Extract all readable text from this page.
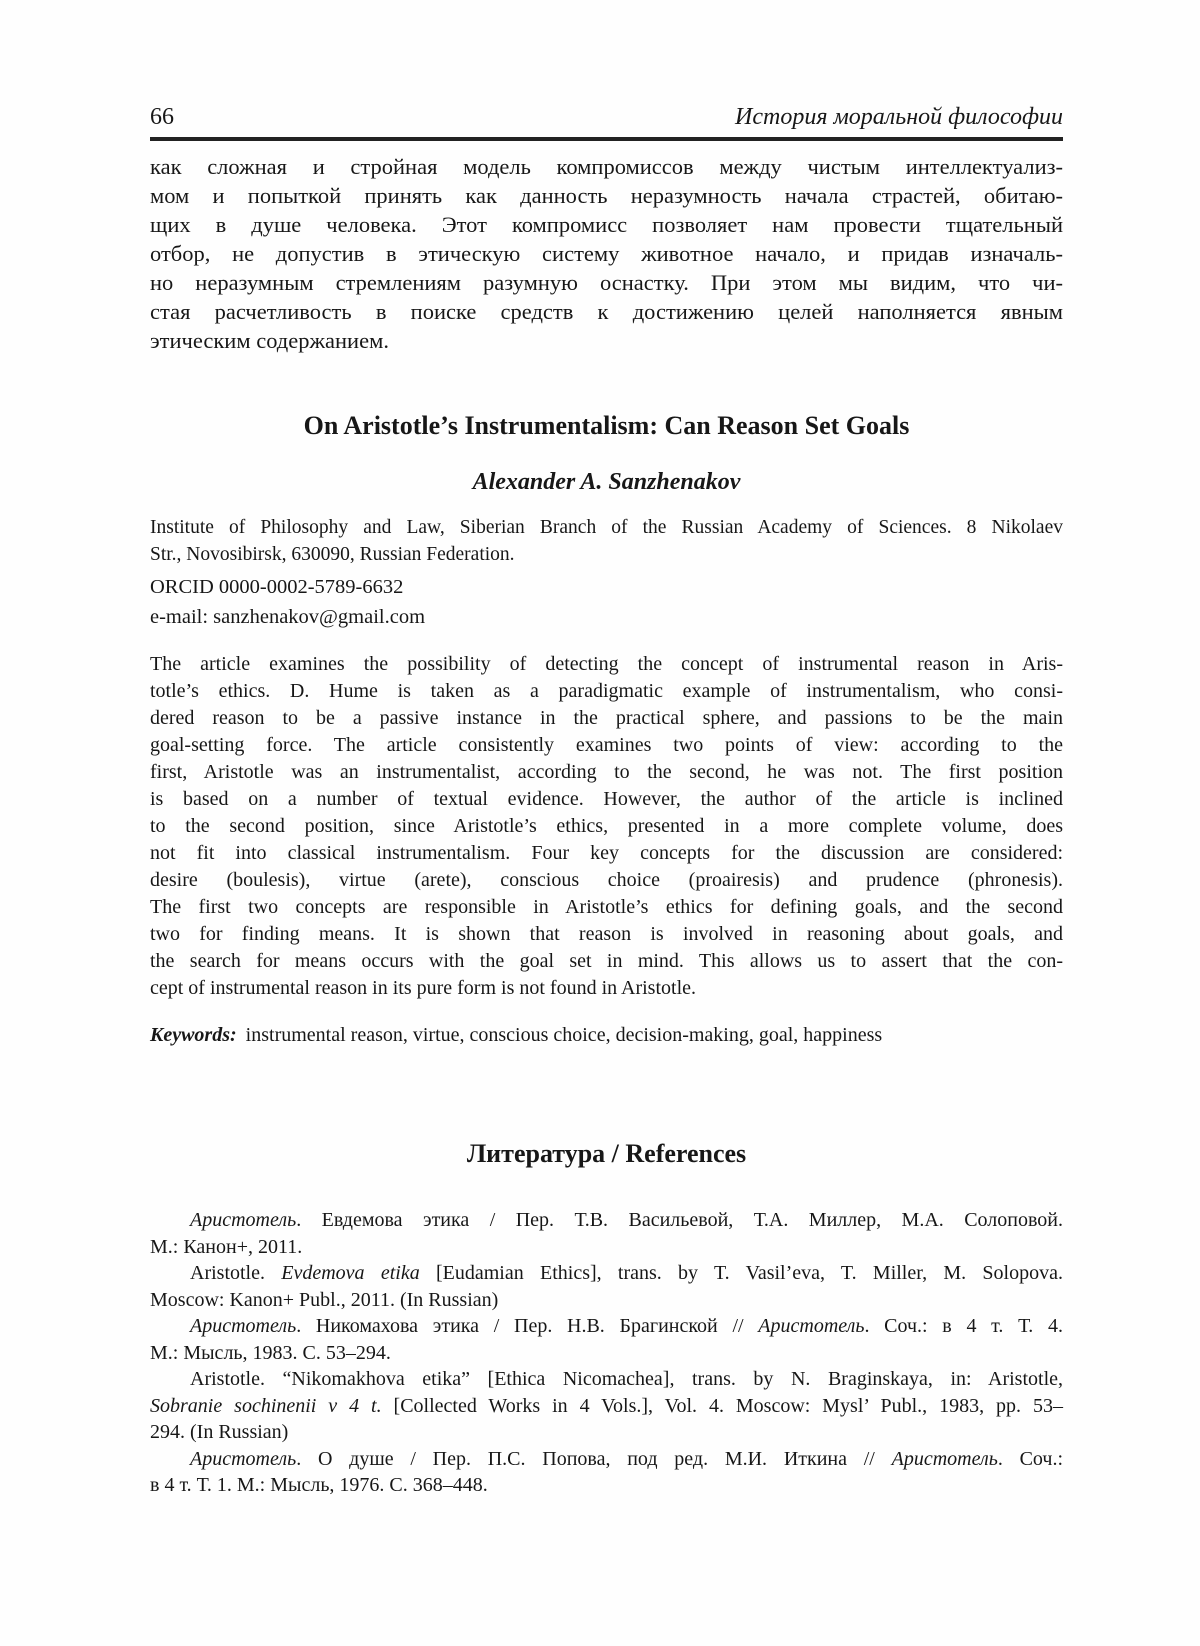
66	История моральной философии
как сложная и стройная модель компромиссов между чистым интеллектуализ-
мом и попыткой принять как данность неразумность начала страстей, обитаю-
щих в душе человека. Этот компромисс позволяет нам провести тщательный
отбор, не допустив в этическую систему животное начало, и придав изначаль-
но неразумным стремлениям разумную оснастку. При этом мы видим, что чи-
стая расчетливость в поиске средств к достижению целей наполняется явным
этическим содержанием.
On Aristotle’s Instrumentalism: Can Reason Set Goals
Alexander A. Sanzhenakov
Institute of Philosophy and Law, Siberian Branch of the Russian Academy of Sciences. 8 Nikolaev
Str., Novosibirsk, 630090, Russian Federation.
ORCID 0000-0002-5789-6632
e-mail: sanzhenakov@gmail.com
The article examines the possibility of detecting the concept of instrumental reason in Aris-
totle’s ethics. D. Hume is taken as a paradigmatic example of instrumentalism, who consi-
dered reason to be a passive instance in the practical sphere, and passions to be the main
goal-setting force. The article consistently examines two points of view: according to the
first, Aristotle was an instrumentalist, according to the second, he was not. The first position
is based on a number of textual evidence. However, the author of the article is inclined
to the second position, since Aristotle’s ethics, presented in a more complete volume, does
not fit into classical instrumentalism. Four key concepts for the discussion are considered:
desire (boulesis), virtue (arete), conscious choice (proairesis) and prudence (phronesis).
The first two concepts are responsible in Aristotle’s ethics for defining goals, and the second
two for finding means. It is shown that reason is involved in reasoning about goals, and
the search for means occurs with the goal set in mind. This allows us to assert that the con-
cept of instrumental reason in its pure form is not found in Aristotle.

Keywords: instrumental reason, virtue, conscious choice, decision-making, goal, happiness

Литература / References
Аристотель. Евдемова этика / Пер. Т.В. Васильевой, Т.А. Миллер, М.А. Солоповой.
М.: Канон+, 2011.
Aristotle. Evdemova etika [Eudamian Ethics], trans. by T. Vasil’eva, T. Miller, M. Solopova.
Moscow: Kanon+ Publ., 2011. (In Russian)
Аристотель. Никомахова этика / Пер. Н.В. Брагинской // Аристотель. Соч.: в 4 т. Т. 4.
М.: Мысль, 1983. С. 53–294.
Aristotle. “Nikomakhova etika” [Ethica Nicomachea], trans. by N. Braginskaya, in: Aristotle,
Sobranie sochinenii v 4 t. [Collected Works in 4 Vols.], Vol. 4. Moscow: Mysl’ Publ., 1983, pp. 53–
294. (In Russian)
Аристотель. О душе / Пер. П.С. Попова, под ред. М.И. Иткина // Аристотель. Соч.:
в 4 т. Т. 1. М.: Мысль, 1976. С. 368–448.
